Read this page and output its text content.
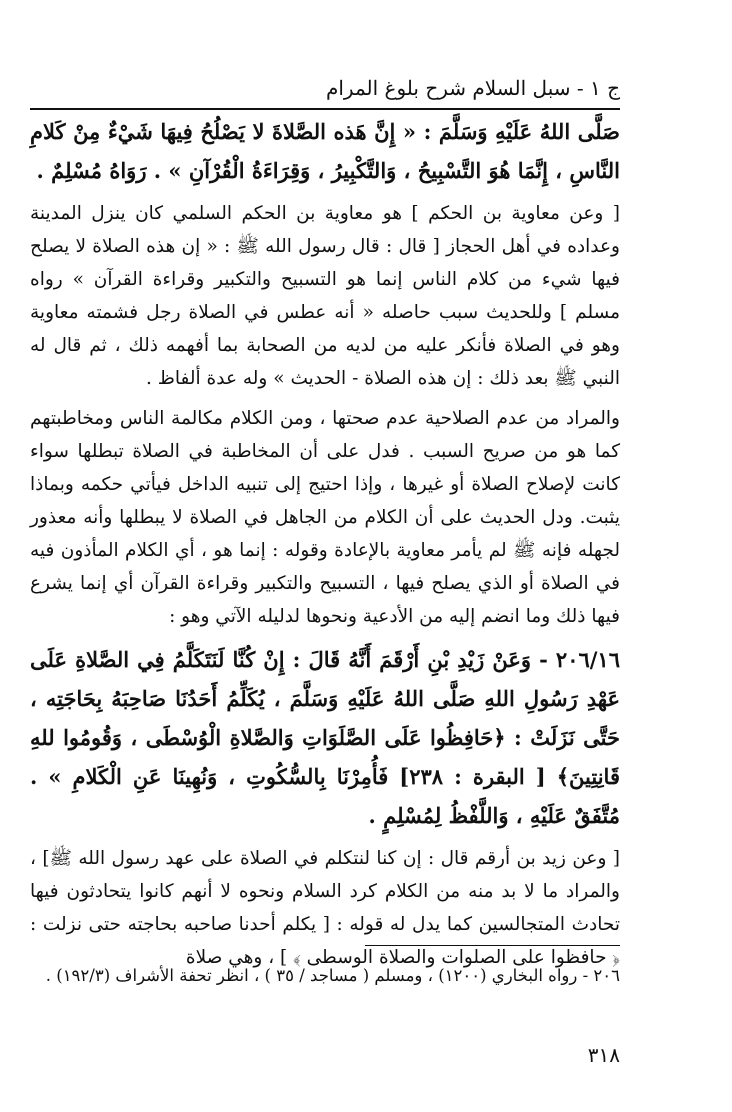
ج ١ - سبل السلام شرح بلوغ المرام

صَلَّى اللهُ عَلَيْهِ وَسَلَّمَ : « إِنَّ هَذه الصَّلاةَ لا يَصْلُحُ فِيهَا شَيْءٌ مِنْ كَلامِ النَّاسِ ، إِنَّمَا هُوَ التَّسْبِيحُ ، وَالتَّكْبِيرُ ، وَقِرَاءَةُ الْقُرْآنِ » . رَوَاهُ مُسْلِمٌ .

[ وعن معاوية بن الحكم ] هو معاوية بن الحكم السلمي كان ينزل المدينة وعداده في أهل الحجاز [ قال : قال رسول الله ﷺ : « إن هذه الصلاة لا يصلح فيها شيء من كلام الناس إنما هو التسبيح والتكبير وقراءة القرآن » رواه مسلم ] وللحديث سبب حاصله « أنه عطس في الصلاة رجل فشمته معاوية وهو في الصلاة فأنكر عليه من لديه من الصحابة بما أفهمه ذلك ، ثم قال له النبي ﷺ بعد ذلك : إن هذه الصلاة - الحديث » وله عدة ألفاظ .

والمراد من عدم الصلاحية عدم صحتها ، ومن الكلام مكالمة الناس ومخاطبتهم كما هو من صريح السبب . فدل على أن المخاطبة في الصلاة تبطلها سواء كانت لإصلاح الصلاة أو غيرها ، وإذا احتيج إلى تنبيه الداخل فيأتي حكمه وبماذا يثبت. ودل الحديث على أن الكلام من الجاهل في الصلاة لا يبطلها وأنه معذور لجهله فإنه ﷺ لم يأمر معاوية بالإعادة وقوله : إنما هو ، أي الكلام المأذون فيه في الصلاة أو الذي يصلح فيها ، التسبيح والتكبير وقراءة القرآن أي إنما يشرع فيها ذلك وما انضم إليه من الأدعية ونحوها لدليله الآتي وهو :

٢٠٦/١٦ - وَعَنْ زَيْدِ بْنِ أَرْقَمَ أَنَّهُ قَالَ : إِنْ كُنَّا لَنَتَكَلَّمُ فِي الصَّلاةِ عَلَى عَهْدِ رَسُولِ اللهِ صَلَّى اللهُ عَلَيْهِ وَسَلَّمَ ، يُكَلِّمُ أَحَدُنَا صَاحِبَهُ بِحَاجَتِه ، حَتَّى نَزَلَتْ : ﴿حَافِظُوا عَلَى الصَّلَوَاتِ وَالصَّلاةِ الْوُسْطَى ، وَقُومُوا للهِ قَانِتِينَ﴾ [ البقرة : ٢٣٨] فَأُمِرْنَا بِالسُّكُوتِ ، وَنُهِينَا عَنِ الْكَلامِ » . مُتَّفَقٌ عَلَيْهِ ، وَاللَّفْظُ لِمُسْلِمٍ .

[ وعن زيد بن أرقم قال : إن كنا لنتكلم في الصلاة على عهد رسول الله ﷺ] ، والمراد ما لا بد منه من الكلام كرد السلام ونحوه لا أنهم كانوا يتحادثون فيها تحادث المتجالسين كما يدل له قوله : [ يكلم أحدنا صاحبه بحاجته حتى نزلت : ﴿ حافظوا على الصلوات والصلاة الوسطى ﴾ ] ، وهي صلاة

٢٠٦ - رواه البخاري (١٢٠٠) ، ومسلم ( مساجد / ٣٥ ) ، انظر تحفة الأشراف (١٩٢/٣) .
٣١٨
